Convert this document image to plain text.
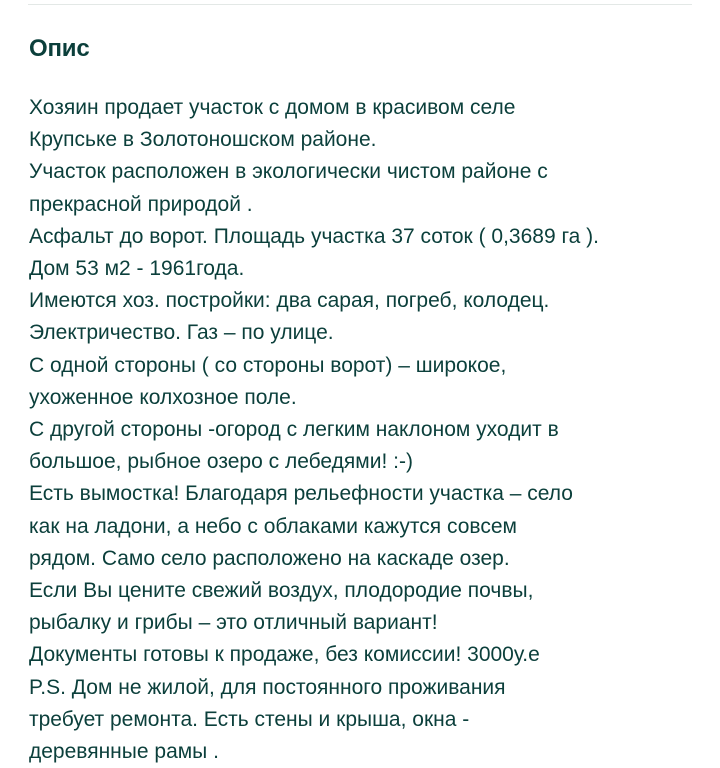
Опис
Хозяин продает участок с домом в красивом селе
Крупське в Золотоношском районе.
Участок расположен в экологически чистом районе с
прекрасной природой .
Асфальт до ворот. Площадь участка 37 соток ( 0,3689 га ).
Дом 53 м2 - 1961года.
Имеются хоз. постройки: два сарая, погреб, колодец.
Электричество. Газ – по улице.
С одной стороны ( со стороны ворот) – широкое,
ухоженное колхозное поле.
С другой стороны -огород с легким наклоном уходит в
большое, рыбное озеро с лебедями! :-)
Есть вымостка! Благодаря рельефности участка – село
как на ладони, а небо с облаками кажутся совсем
рядом. Само село расположено на каскаде озер.
Если Вы цените свежий воздух, плодородие почвы,
рыбалку и грибы – это отличный вариант!
Документы готовы к продаже, без комиссии! 3000у.е
P.S. Дом не жилой, для постоянного проживания
требует ремонта. Есть стены и крыша, окна -
деревянные рамы .
